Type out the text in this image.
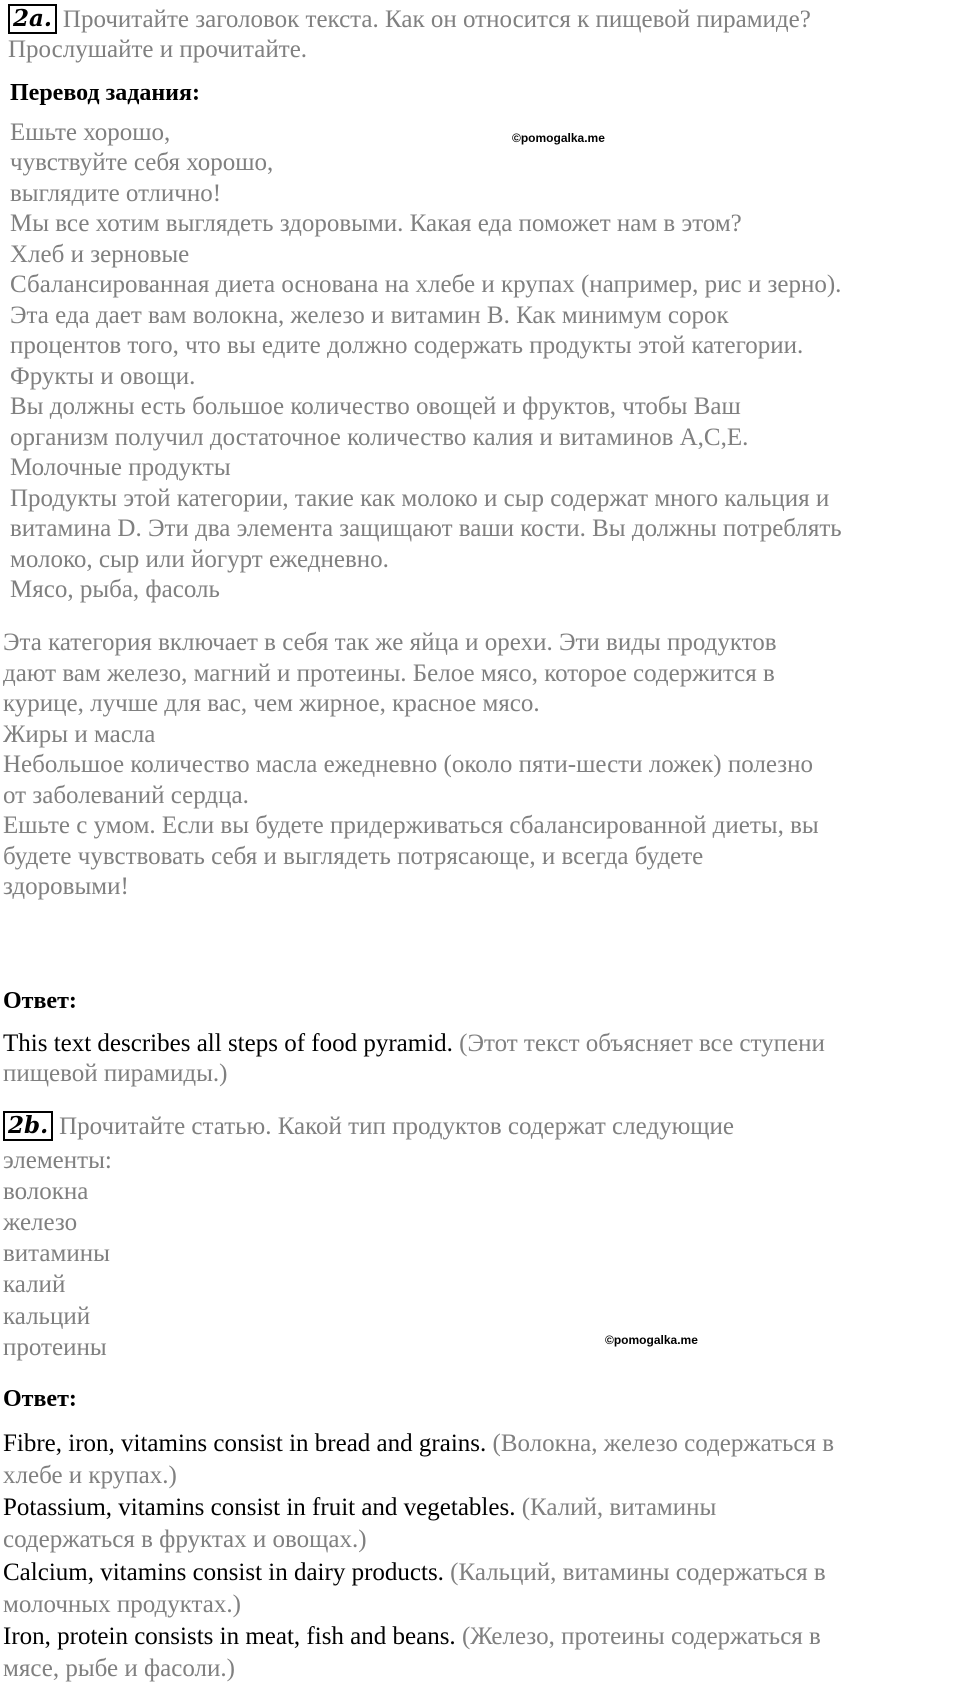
2a. Прочитайте заголовок текста. Как он относится к пищевой пирамиде?
Прослушайте и прочитайте.
Перевод задания:
Ешьте хорошо,
чувствуйте себя хорошо,
выглядите отлично!
Мы все хотим выглядеть здоровыми. Какая еда поможет нам в этом?
Хлеб и зерновые
Сбалансированная диета основана на хлебе и крупах (например, рис и зерно).
Эта еда дает вам волокна, железо и витамин B. Как минимум сорок
процентов того, что вы едите должно содержать продукты этой категории.
Фрукты и овощи.
Вы должны есть большое количество овощей и фруктов, чтобы Ваш
организм получил достаточное количество калия и витаминов A,C,E.
Молочные продукты
Продукты этой категории, такие как молоко и сыр содержат много кальция и
витамина D. Эти два элемента защищают ваши кости. Вы должны потреблять
молоко, сыр или йогурт ежедневно.
Мясо, рыба, фасоль
Эта категория включает в себя так же яйца и орехи. Эти виды продуктов
дают вам железо, магний и протеины. Белое мясо, которое содержится в
курице, лучше для вас, чем жирное, красное мясо.
Жиры и масла
Небольшое количество масла ежедневно (около пяти-шести ложек) полезно
от заболеваний сердца.
Ешьте с умом. Если вы будете придерживаться сбалансированной диеты, вы
будете чувствовать себя и выглядеть потрясающе, и всегда будете
здоровыми!
Ответ:
This text describes all steps of food pyramid. (Этот текст объясняет все ступени
пищевой пирамиды.)
2b. Прочитайте статью. Какой тип продуктов содержат следующие
элементы:
волокна
железо
витамины
калий
кальций
протеины
Ответ:
Fibre, iron, vitamins consist in bread and grains. (Волокна, железо содержаться в
хлебе и крупах.)
Potassium, vitamins consist in fruit and vegetables. (Калий, витамины
содержаться в фруктах и овощах.)
Calcium, vitamins consist in dairy products. (Кальций, витамины содержаться в
молочных продуктах.)
Iron, protein consists in meat, fish and beans. (Железо, протеины содержаться в
мясе, рыбе и фасоли.)
©pomogalka.me
©pomogalka.me
